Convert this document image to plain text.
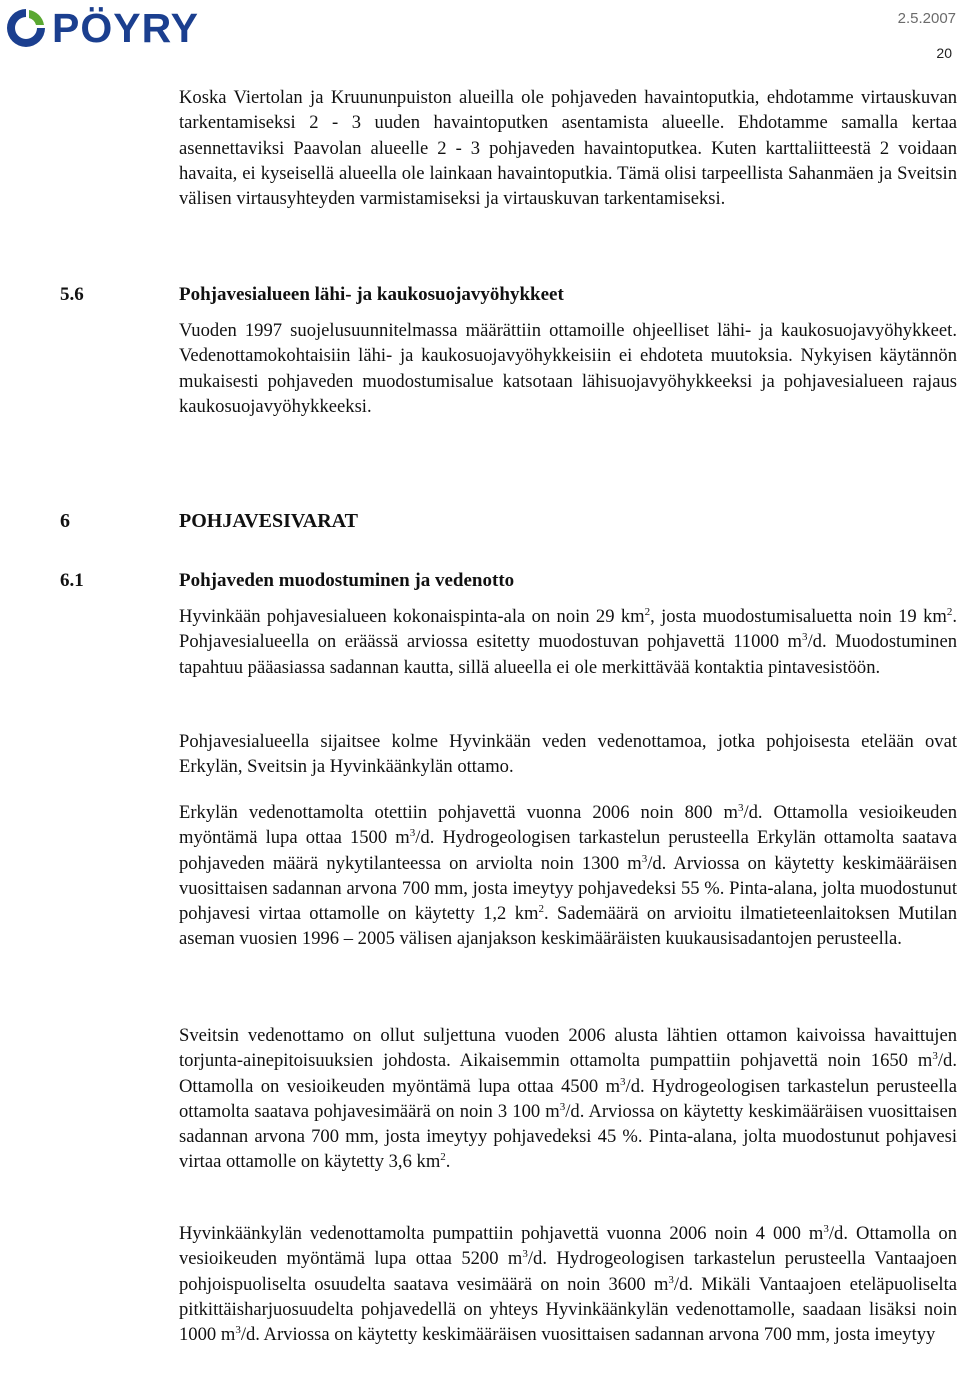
PÖYRY	2.5.2007
20

Koska Viertolan ja Kruununpuiston alueilla ole pohjaveden havaintoputkia, ehdotamme virtauskuvan tarkentamiseksi 2 - 3 uuden havaintoputken asentamista alueelle. Ehdotamme samalla kertaa asennettaviksi Paavolan alueelle 2 - 3 pohjaveden havaintoputkea. Kuten karttaliitteestä 2 voidaan havaita, ei kyseisellä alueella ole lainkaan havaintoputkia. Tämä olisi tarpeellista Sahanmäen ja Sveitsin välisen virtausyhteyden varmistamiseksi ja virtauskuvan tarkentamiseksi.

5.6	Pohjavesialueen lähi- ja kaukosuojavyöhykkeet

Vuoden 1997 suojelusuunnitelmassa määrättiin ottamoille ohjeelliset lähi- ja kaukosuojavyöhykkeet. Vedenottamokohtaisiin lähi- ja kaukosuojavyöhykkeisiin ei ehdoteta muutoksia. Nykyisen käytännön mukaisesti pohjaveden muodostumisalue katsotaan lähisuojavyöhykkeeksi ja pohjavesialueen rajaus kaukosuojavyöhykkeeksi.

6	POHJAVESIVARAT
6.1	Pohjaveden muodostuminen ja vedenotto

Hyvinkään pohjavesialueen kokonaispinta-ala on noin 29 $km^2$, josta muodostumisaluetta noin 19 $km^2$. Pohjavesialueella on eräässä arviossa esitetty muodostuvan pohjavettä 11000 $m^3/d$. Muodostuminen tapahtuu pääasiassa sadannan kautta, sillä alueella ei ole merkittävää kontaktia pintavesistöön.

Pohjavesialueella sijaitsee kolme Hyvinkään veden vedenottamoa, jotka pohjoisesta etelään ovat Erkylän, Sveitsin ja Hyvinkäänkylän ottamo.

Erkylän vedenottamolta otettiin pohjavettä vuonna 2006 noin 800 $m^3/d$. Ottamolla vesioikeuden myöntämä lupa ottaa 1500 $m^3/d$. Hydrogeologisen tarkastelun perusteella Erkylän ottamolta saatava pohjaveden määrä nykytilanteessa on arviolta noin 1300 $m^3/d$. Arviossa on käytetty keskimääräisen vuosittaisen sadannan arvona 700 mm, josta imeytyy pohjavedeksi 55 %. Pinta-alana, jolta muodostunut pohjavesi virtaa ottamolle on käytetty 1,2 $km^2$. Sademäärä on arvioitu ilmatieteenlaitoksen Mutilan aseman vuosien 1996 – 2005 välisen ajanjakson keskimääräisten kuukausisadantojen perusteella.

Sveitsin vedenottamo on ollut suljettuna vuoden 2006 alusta lähtien ottamon kaivoissa havaittujen torjunta-ainepitoisuuksien johdosta. Aikaisemmin ottamolta pumpattiin pohjavettä noin 1650 $m^3/d$. Ottamolla on vesioikeuden myöntämä lupa ottaa 4500 $m^3/d$. Hydrogeologisen tarkastelun perusteella ottamolta saatava pohjavesimäärä on noin 3 100 $m^3/d$. Arviossa on käytetty keskimääräisen vuosittaisen sadannan arvona 700 mm, josta imeytyy pohjavedeksi 45 %. Pinta-alana, jolta muodostunut pohjavesi virtaa ottamolle on käytetty 3,6 $km^2$.

Hyvinkäänkylän vedenottamolta pumpattiin pohjavettä vuonna 2006 noin 4 000 $m^3/d$. Ottamolla on vesioikeuden myöntämä lupa ottaa 5200 $m^3/d$. Hydrogeologisen tarkastelun perusteella Vantaajoen pohjoispuoliselta osuudelta saatava vesimäärä on noin 3600 $m^3/d$. Mikäli Vantaajoen eteläpuoliselta pitkittäisharjuosuudelta pohjavedellä on yhteys Hyvinkäänkylän vedenottamolle, saadaan lisäksi noin 1000 $m^3/d$. Arviossa on käytetty keskimääräisen vuosittaisen sadannan arvona 700 mm, josta imeytyy
